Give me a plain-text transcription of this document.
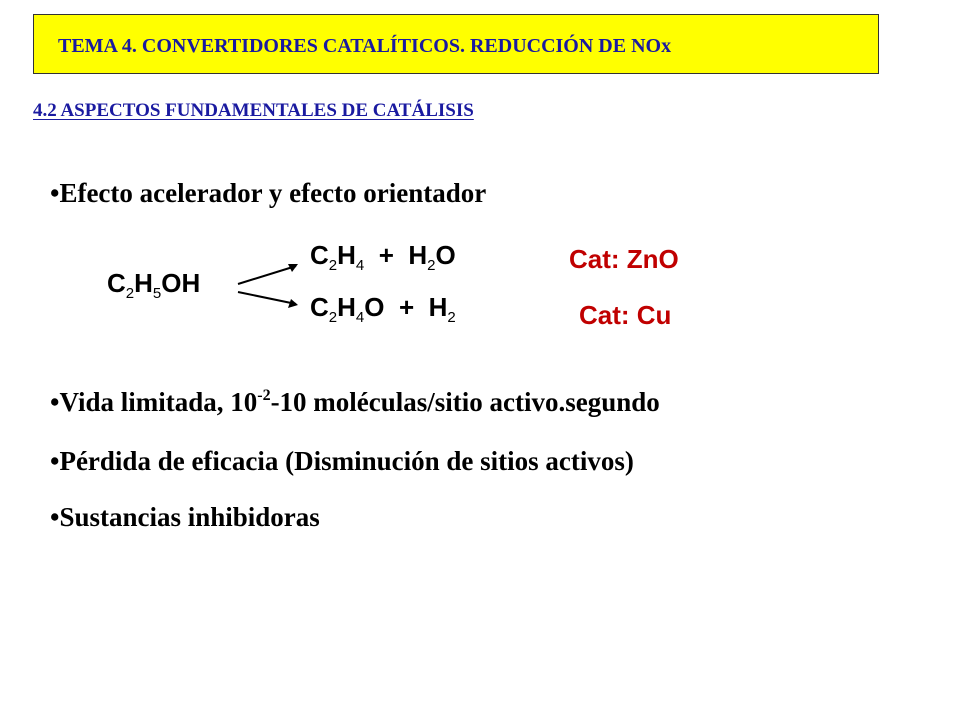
TEMA 4. CONVERTIDORES CATALÍTICOS. REDUCCIÓN DE NOx
4.2 ASPECTOS FUNDAMENTALES DE CATÁLISIS
•Efecto acelerador y efecto orientador
$C_2H_5OH$
$C_2H_4 + H_2O$
$C_2H_4O + H_2$
Cat: ZnO
Cat: Cu
•Vida limitada, $10^{-2}-10$ moléculas/sitio activo.segundo
•Pérdida de eficacia (Disminución de sitios activos)
•Sustancias inhibidoras
